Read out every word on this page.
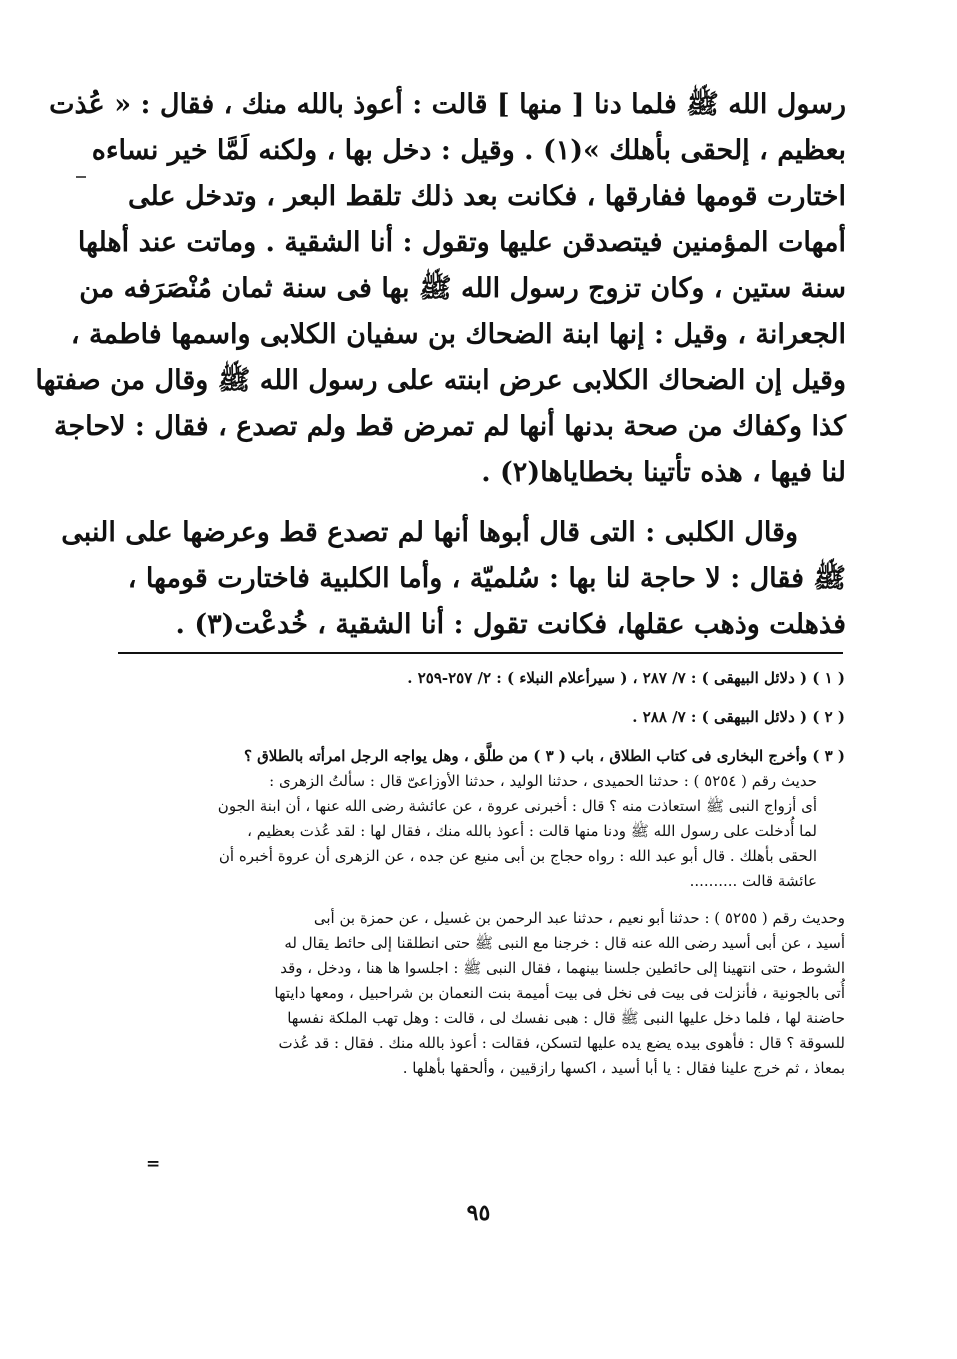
رسول الله ﷺ فلما دنا [ منها ] قالت : أعوذ بالله منك ، فقال : « عُذت
بعظيم ، إلحقى بأهلك »(١) . وقيل : دخل بها ، ولكنه لَمَّا خير نساءه
اختارت قومها ففارقها ، فكانت بعد ذلك تلقط البعر ، وتدخل على
أمهات المؤمنين فيتصدقن عليها وتقول : أنا الشقية . وماتت عند أهلها
سنة ستين ، وكان تزوج رسول الله ﷺ بها فى سنة ثمان مُنْصَرَفه من
الجعرانة ، وقيل : إنها ابنة الضحاك بن سفيان الكلابى واسمها فاطمة ،
وقيل إن الضحاك الكلابى عرض ابنته على رسول الله ﷺ وقال من صفتها
كذا وكفاك من صحة بدنها أنها لم تمرض قط ولم تصدع ، فقال : لاحاجة
لنا فيها ، هذه تأتينا بخطاياها(٢) .
وقال الكلبى : التى قال أبوها أنها لم تصدع قط وعرضها على النبى
ﷺ فقال : لا حاجة لنا بها : سُلميّة ، وأما الكلبية فاختارت قومها ،
فذهلت وذهب عقلها، فكانت تقول : أنا الشقية ، خُدعْت(٣) .
( ١ ) ( دلائل البيهقى ) : ٧/ ٢٨٧ ، ( سيرأعلام النبلاء ) : ٢/ ٢٥٧-٢٥٩ .
( ٢ ) ( دلائل البيهقى ) : ٧/ ٢٨٨ .
( ٣ ) وأخرج البخارى فى كتاب الطلاق ، باب ( ٣ ) من طلَّق ، وهل يواجه الرجل امرأته بالطلاق ؟
حديث رقم ( ٥٢٥٤ ) : حدثنا الحميدى ، حدثنا الوليد ، حدثنا الأوزاعىّ قال : سألتُ الزهرى :
أى أزواج النبى ﷺ استعاذت منه ؟ قال : أخبرنى عروة ، عن عائشة رضى الله عنها ، أن ابنة الجون
لما أُدخلت على رسول الله ﷺ ودنا منها قالت : أعوذ بالله منك ، فقال لها : لقد عُذت بعظيم ،
الحقى بأهلك . قال أبو عبد الله : رواه حجاج بن أبى منيع عن جده ، عن الزهرى أن عروة أخبره أن
عائشة قالت ..........
وحديث رقم ( ٥٢٥٥ ) : حدثنا أبو نعيم ، حدثنا عبد الرحمن بن غسيل ، عن حمزة بن أبى
أسيد ، عن أبى أسيد رضى الله عنه قال : خرجنا مع النبى ﷺ حتى انطلقنا إلى حائط يقال له
الشوط ، حتى انتهينا إلى حائطين جلسنا بينهما ، فقال النبى ﷺ : اجلسوا ها هنا ، ودخل ، وقد
أُتى بالجونية ، فأنزلت فى بيت فى نخل فى بيت أميمة بنت النعمان بن شراحبيل ، ومعها دايتها
حاضنة لها ، فلما دخل عليها النبى ﷺ قال : هبى نفسك لى ، قالت : وهل تهب الملكة نفسها
للسوقة ؟ قال : فأهوى بيده يضع يده عليها لتسكن، فقالت : أعوذ بالله منك . فقال : قد عُذت
بمعاذ ، ثم خرج علينا فقال : يا أبا أسيد ، اكسها رازقيين ، وألحقها بأهلها .
=
٩٥
